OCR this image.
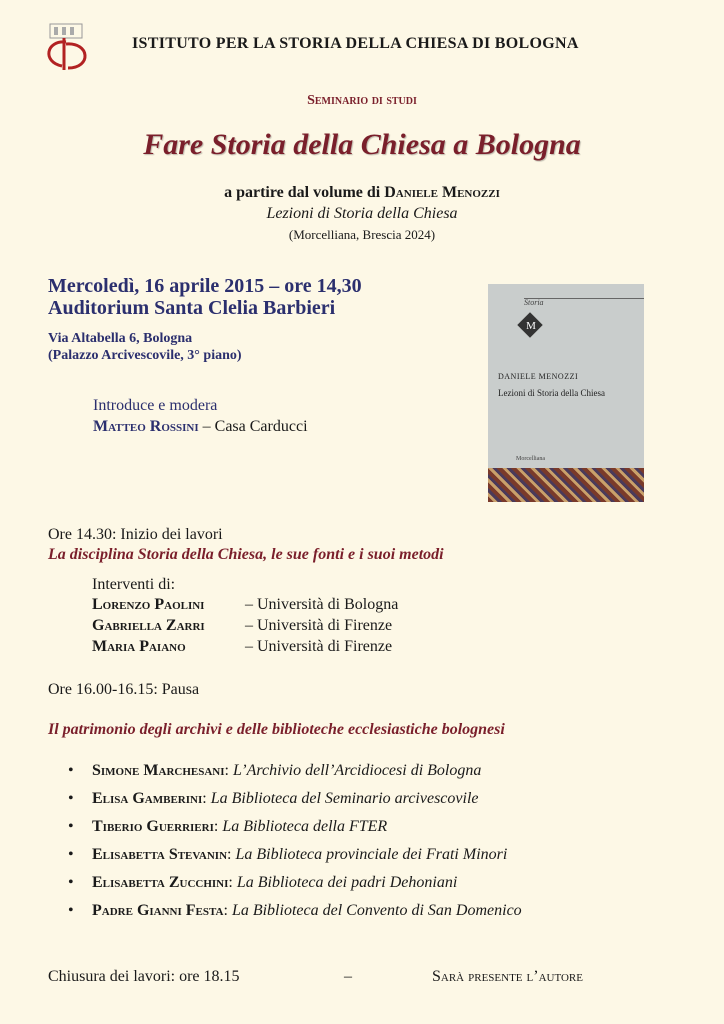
ISTITUTO PER LA STORIA DELLA CHIESA DI BOLOGNA
Seminario di studi
Fare Storia della Chiesa a Bologna
a partire dal volume di Daniele Menozzi
Lezioni di Storia della Chiesa
(Morcelliana, Brescia 2024)
Mercoledì, 16 aprile 2015 – ore 14,30
Auditorium Santa Clelia Barbieri
Via Altabella 6, Bologna
(Palazzo Arcivescovile, 3° piano)
Introduce e modera
Matteo Rossini – Casa Carducci
Storia
M
DANIELE MENOZZI
Lezioni di Storia della Chiesa
Morcelliana
Ore 14.30: Inizio dei lavori
La disciplina Storia della Chiesa, le sue fonti e i suoi metodi
Interventi di:
Lorenzo Paolini	– Università di Bologna
Gabriella Zarri	– Università di Firenze
Maria Paiano	– Università di Firenze
Ore 16.00-16.15: Pausa
Il patrimonio degli archivi e delle biblioteche ecclesiastiche bolognesi
• Simone Marchesani: L’Archivio dell’Arcidiocesi di Bologna
• Elisa Gamberini: La Biblioteca del Seminario arcivescovile
• Tiberio Guerrieri: La Biblioteca della FTER
• Elisabetta Stevanin: La Biblioteca provinciale dei Frati Minori
• Elisabetta Zucchini: La Biblioteca dei padri Dehoniani
• Padre Gianni Festa: La Biblioteca del Convento di San Domenico
Chiusura dei lavori: ore 18.15	–	Sarà presente l’autore
